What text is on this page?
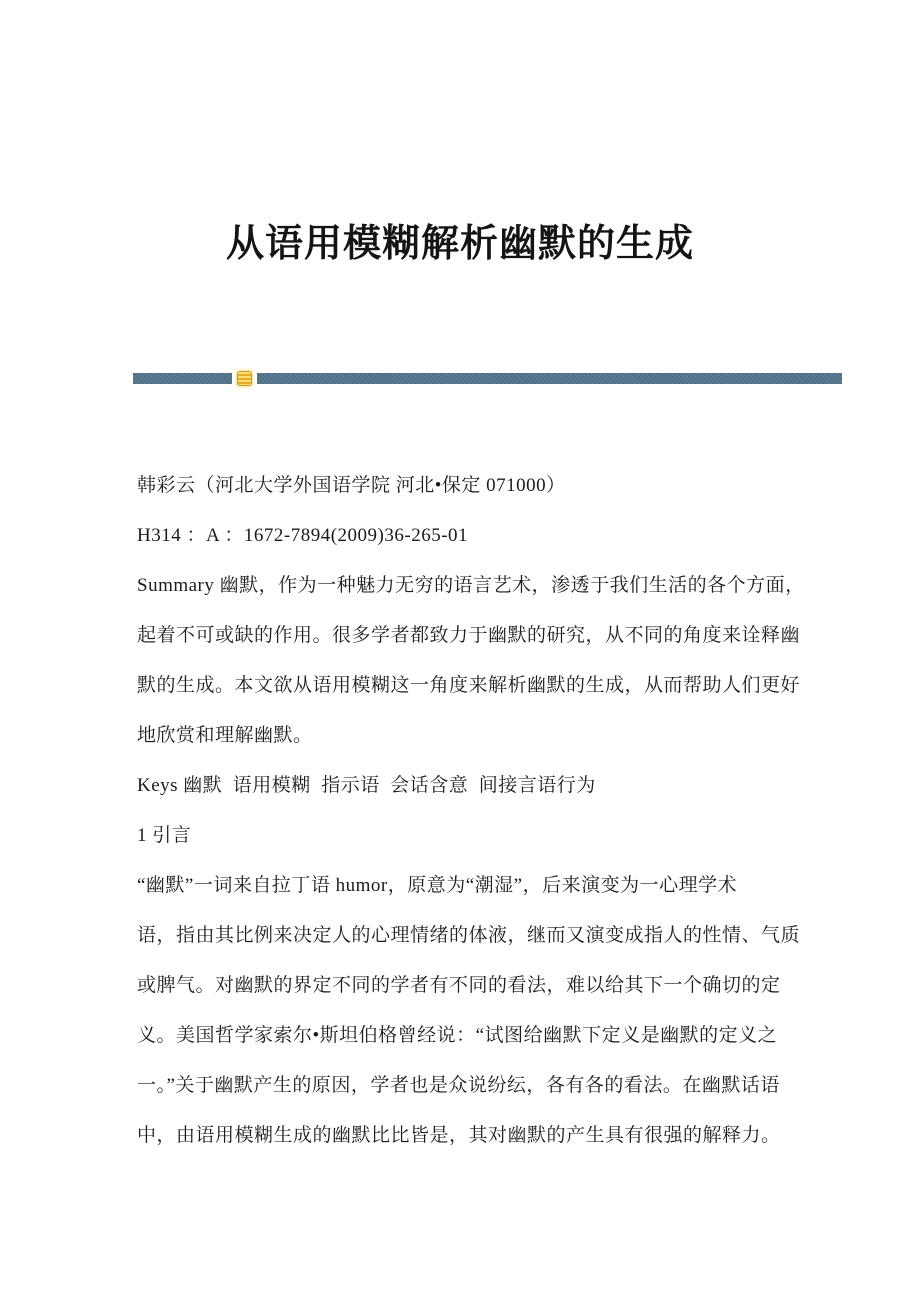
从语用模糊解析幽默的生成
韩彩云（河北大学外国语学院 河北•保定 071000）
H314 ：A ：1672-7894(2009)36-265-01
Summary 幽默，作为一种魅力无穷的语言艺术，渗透于我们生活的各个方面，
起着不可或缺的作用。很多学者都致力于幽默的研究，从不同的角度来诠释幽
默的生成。本文欲从语用模糊这一角度来解析幽默的生成，从而帮助人们更好
地欣赏和理解幽默。
Keys 幽默  语用模糊  指示语  会话含意  间接言语行为
1 引言
“幽默”一词来自拉丁语 humor，原意为“潮湿”，后来演变为一心理学术
语，指由其比例来决定人的心理情绪的体液，继而又演变成指人的性情、气质
或脾气。对幽默的界定不同的学者有不同的看法，难以给其下一个确切的定
义。美国哲学家索尔•斯坦伯格曾经说：“试图给幽默下定义是幽默的定义之
一。”关于幽默产生的原因，学者也是众说纷纭，各有各的看法。在幽默话语
中，由语用模糊生成的幽默比比皆是，其对幽默的产生具有很强的解释力。
